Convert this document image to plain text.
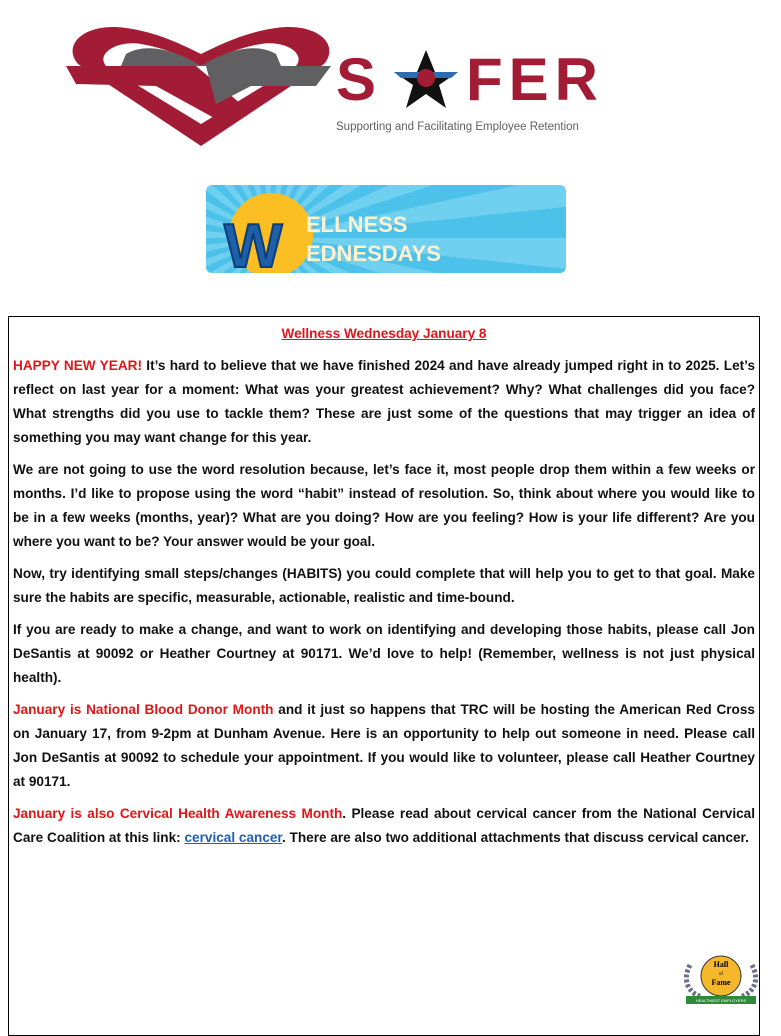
S FER
Supporting and Facilitating Employee Retention
W ELLNESS
EDNESDAYS
Wellness Wednesday January 8

HAPPY NEW YEAR! It’s hard to believe that we have finished 2024 and have already jumped right in to 2025. Let’s reflect on last year for a moment: What was your greatest achievement? Why? What challenges did you face? What strengths did you use to tackle them? These are just some of the questions that may trigger an idea of something you may want change for this year.

We are not going to use the word resolution because, let’s face it, most people drop them within a few weeks or months. I’d like to propose using the word “habit” instead of resolution. So, think about where you would like to be in a few weeks (months, year)? What are you doing? How are you feeling? How is your life different? Are you where you want to be? Your answer would be your goal.

Now, try identifying small steps/changes (HABITS) you could complete that will help you to get to that goal. Make sure the habits are specific, measurable, actionable, realistic and time-bound.

If you are ready to make a change, and want to work on identifying and developing those habits, please call Jon DeSantis at 90092 or Heather Courtney at 90171. We’d love to help! (Remember, wellness is not just physical health).

January is National Blood Donor Month and it just so happens that TRC will be hosting the American Red Cross on January 17, from 9-2pm at Dunham Avenue. Here is an opportunity to help out someone in need. Please call Jon DeSantis at 90092 to schedule your appointment. If you would like to volunteer, please call Heather Courtney at 90171.

January is also Cervical Health Awareness Month. Please read about cervical cancer from the National Cervical Care Coalition at this link: cervical cancer. There are also two additional attachments that discuss cervical cancer.

Hall
of
Fame
HEALTHIEST EMPLOYERS
